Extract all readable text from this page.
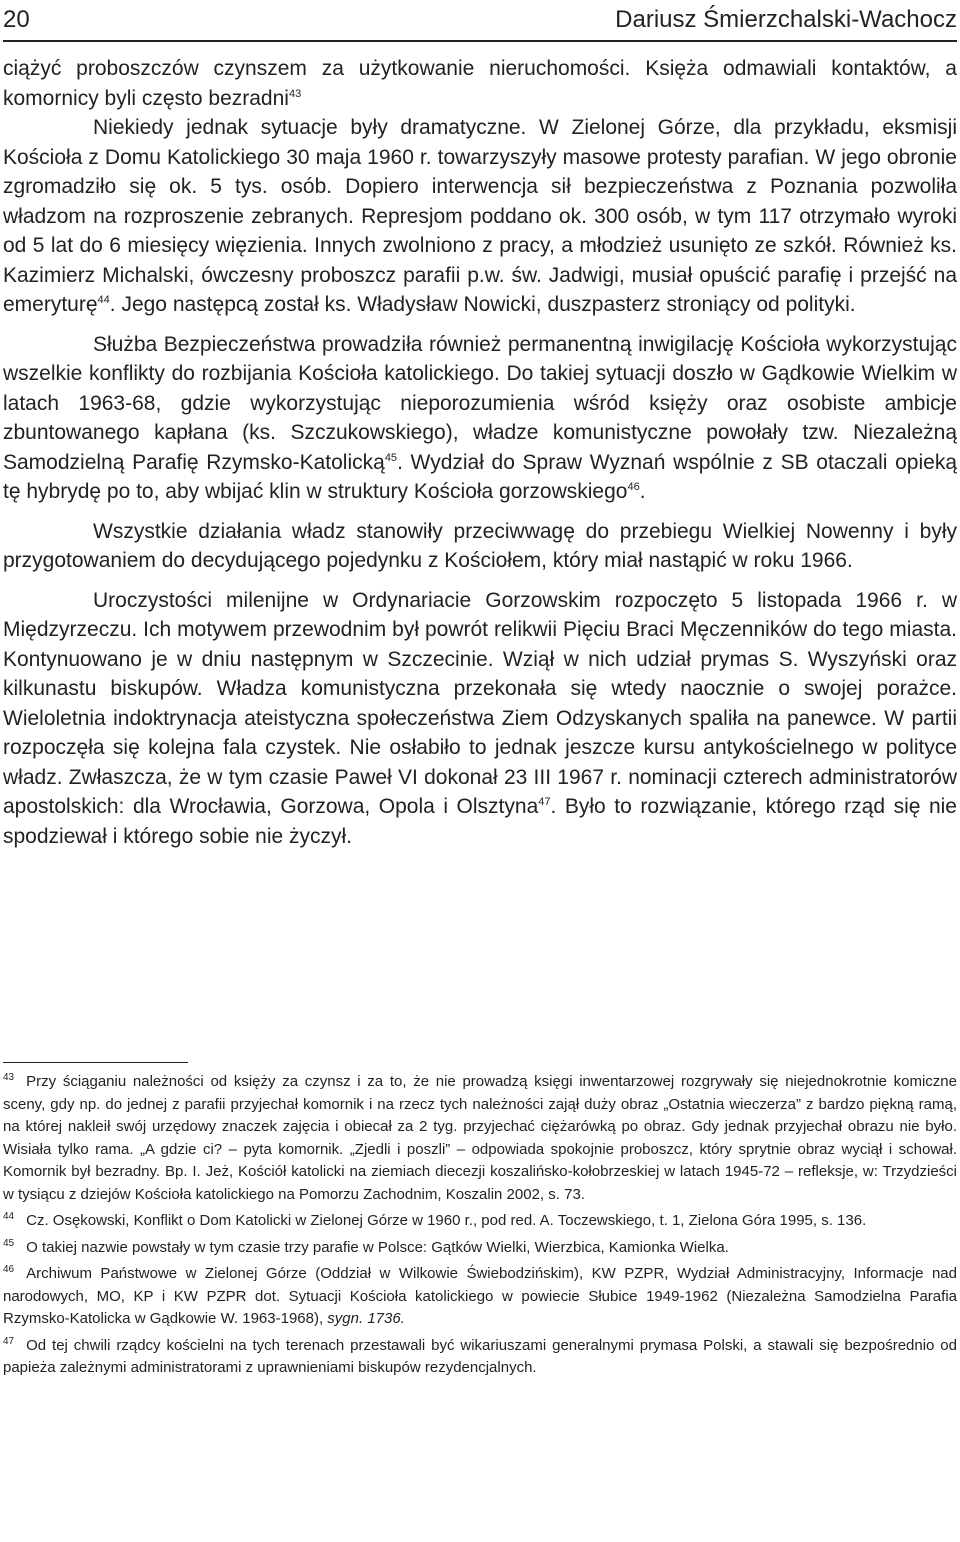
20	Dariusz Śmierzchalski-Wachocz

ciążyć proboszczów czynszem za użytkowanie nieruchomości. Księża odmawiali kontaktów, a komornicy byli często bezradni$^{43}$

Niekiedy jednak sytuacje były dramatyczne. W Zielonej Górze, dla przykładu, eksmisji Kościoła z Domu Katolickiego 30 maja 1960 r. towarzyszyły masowe protesty parafian. W jego obronie zgromadziło się ok. 5 tys. osób. Dopiero interwencja sił bezpieczeństwa z Poznania pozwoliła władzom na rozproszenie zebranych. Represjom poddano ok. 300 osób, w tym 117 otrzymało wyroki od 5 lat do 6 miesięcy więzienia. Innych zwolniono z pracy, a młodzież usunięto ze szkół. Również ks. Kazimierz Michalski, ówczesny proboszcz parafii p.w. św. Jadwigi, musiał opuścić parafię i przejść na emeryturę$^{44}$. Jego następcą został ks. Władysław Nowicki, duszpasterz stroniący od polityki.

Służba Bezpieczeństwa prowadziła również permanentną inwigilację Kościoła wykorzystując wszelkie konflikty do rozbijania Kościoła katolickiego. Do takiej sytuacji doszło w Gądkowie Wielkim w latach 1963-68, gdzie wykorzystując nieporozumienia wśród księży oraz osobiste ambicje zbuntowanego kapłana (ks. Szczukowskiego), władze komunistyczne powołały tzw. Niezależną Samodzielną Parafię Rzymsko-Katolicką$^{45}$. Wydział do Spraw Wyznań wspólnie z SB otaczali opieką tę hybrydę po to, aby wbijać klin w struktury Kościoła gorzowskiego$^{46}$.

Wszystkie działania władz stanowiły przeciwwagę do przebiegu Wielkiej Nowenny i były przygotowaniem do decydującego pojedynku z Kościołem, który miał nastąpić w roku 1966.

Uroczystości milenijne w Ordynariacie Gorzowskim rozpoczęto 5 listopada 1966 r. w Międzyrzeczu. Ich motywem przewodnim był powrót relikwii Pięciu Braci Męczenników do tego miasta. Kontynuowano je w dniu następnym w Szczecinie. Wziął w nich udział prymas S. Wyszyński oraz kilkunastu biskupów. Władza komunistyczna przekonała się wtedy naocznie o swojej porażce. Wieloletnia indoktrynacja ateistyczna społeczeństwa Ziem Odzyskanych spaliła na panewce. W partii rozpoczęła się kolejna fala czystek. Nie osłabiło to jednak jeszcze kursu antykościelnego w polityce władz. Zwłaszcza, że w tym czasie Paweł VI dokonał 23 III 1967 r. nominacji czterech administratorów apostolskich: dla Wrocławia, Gorzowa, Opola i Olsztyna$^{47}$. Było to rozwiązanie, którego rząd się nie spodziewał i którego sobie nie życzył.

$^{43}$ Przy ściąganiu należności od księży za czynsz i za to, że nie prowadzą księgi inwentarzowej rozgrywały się niejednokrotnie komiczne sceny, gdy np. do jednej z parafii przyjechał komornik i na rzecz tych należności zajął duży obraz „Ostatnia wieczerza” z bardzo piękną ramą, na której nakleił swój urzędowy znaczek zajęcia i obiecał za 2 tyg. przyjechać ciężarówką po obraz. Gdy jednak przyjechał obrazu nie było. Wisiała tylko rama. „A gdzie ci? – pyta komornik. „Zjedli i poszli” – odpowiada spokojnie proboszcz, który sprytnie obraz wyciął i schował. Komornik był bezradny. Bp. I. Jeż, Kościół katolicki na ziemiach diecezji koszalińsko-kołobrzeskiej w latach 1945-72 – refleksje, w: Trzydzieści w tysiącu z dziejów Kościoła katolickiego na Pomorzu Zachodnim, Koszalin 2002, s. 73.

$^{44}$ Cz. Osękowski, Konflikt o Dom Katolicki w Zielonej Górze w 1960 r., pod red. A. Toczewskiego, t. 1, Zielona Góra 1995, s. 136.

$^{45}$ O takiej nazwie powstały w tym czasie trzy parafie w Polsce: Gątków Wielki, Wierzbica, Kamionka Wielka.

$^{46}$ Archiwum Państwowe w Zielonej Górze (Oddział w Wilkowie Świebodzińskim), KW PZPR, Wydział Administracyjny, Informacje nad narodowych, MO, KP i KW PZPR dot. Sytuacji Kościoła katolickiego w powiecie Słubice 1949-1962 (Niezależna Samodzielna Parafia Rzymsko-Katolicka w Gądkowie W. 1963-1968), sygn. 1736.

$^{47}$ Od tej chwili rządcy kościelni na tych terenach przestawali być wikariuszami generalnymi prymasa Polski, a stawali się bezpośrednio od papieża zależnymi administratorami z uprawnieniami biskupów rezydencjalnych.
